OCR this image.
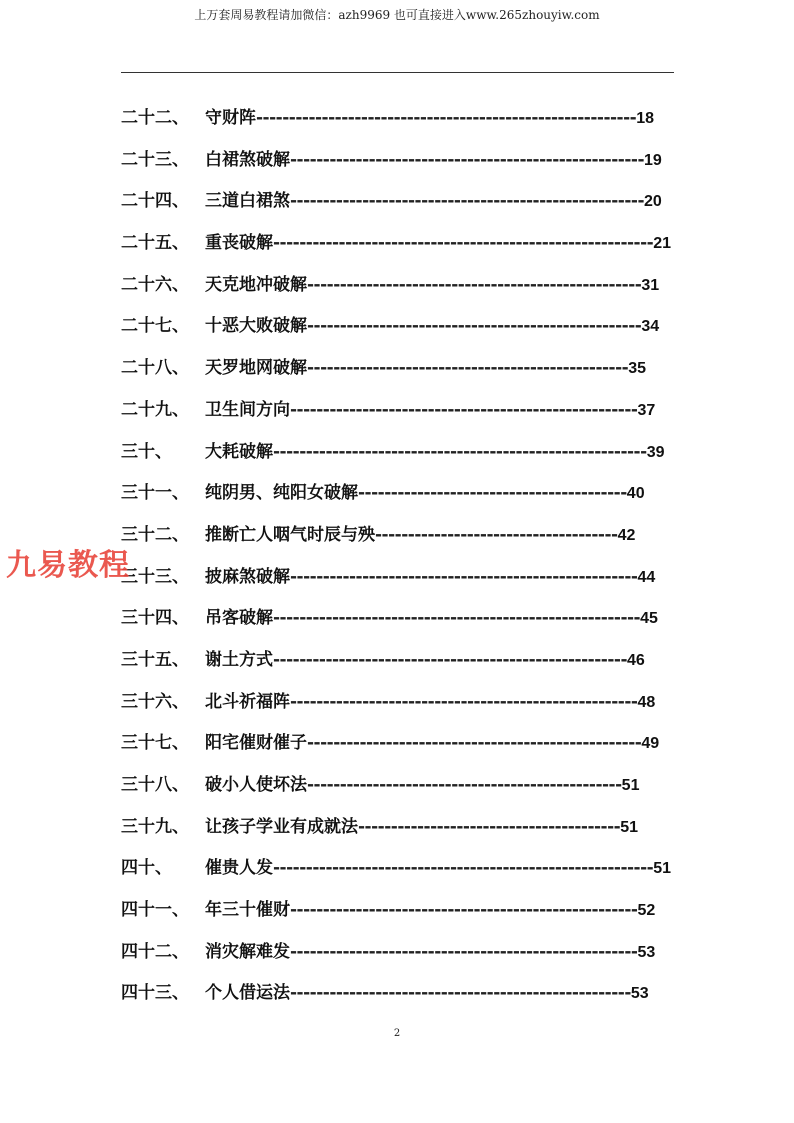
上万套周易教程请加微信：azh9969 也可直接进入www.265zhouyiw.com
二十二、 守财阵----------------------------------------------------------18
二十三、 白裙煞破解------------------------------------------------------19
二十四、 三道白裙煞------------------------------------------------------20
二十五、 重丧破解----------------------------------------------------------21
二十六、 天克地冲破解---------------------------------------------------31
二十七、 十恶大败破解---------------------------------------------------34
二十八、 天罗地网破解-------------------------------------------------35
二十九、 卫生间方向-----------------------------------------------------37
三十、 大耗破解---------------------------------------------------------39
三十一、 纯阴男、纯阳女破解-----------------------------------------40
三十二、 推断亡人咽气时辰与殃-------------------------------------42
三十三、 披麻煞破解-----------------------------------------------------44
三十四、 吊客破解--------------------------------------------------------45
三十五、 谢土方式------------------------------------------------------46
三十六、 北斗祈福阵-----------------------------------------------------48
三十七、 阳宅催财催子---------------------------------------------------49
三十八、 破小人使坏法------------------------------------------------51
三十九、 让孩子学业有成就法----------------------------------------51
四十、 催贵人发----------------------------------------------------------51
四十一、 年三十催财-----------------------------------------------------52
四十二、 消灾解难发-----------------------------------------------------53
四十三、 个人借运法----------------------------------------------------53
九易教程
2
